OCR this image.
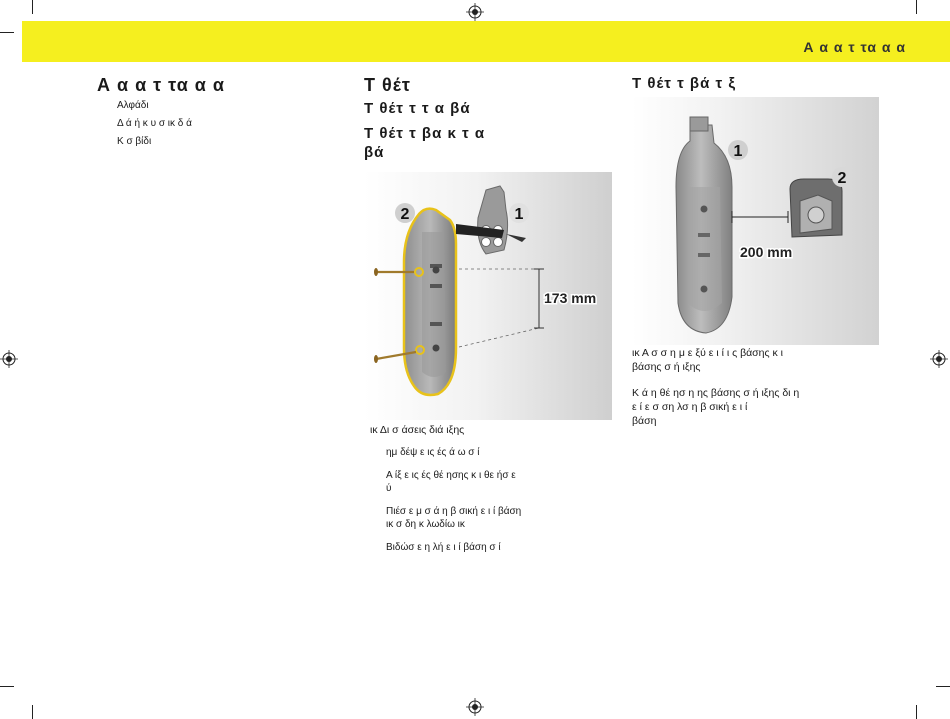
Α α α τ τα α α
Α α α τ τα α α
Αλφάδι
Δ ά ή κ υ σ ικ δ ά
Κ σ βίδι
Τ θέτ
Τ θέτ τ τ α βά
Τ θέτ τ βα κ τ α
βά
173 mm
2	1
ικ Δι σ άσεις διά ιξης

ημ δέψ ε ις ές ά ω σ ί

Α ίξ ε ις ές θέ ησης κ ι θε ήσ ε
ύ

Πιέσ ε μ σ ά η β σική ε ι ί βάση
ικ σ δη κ λωδίω ικ

Βιδώσ ε η λή ε ι ί βάση σ ί

Τ θέτ τ βά τ ξ
200 mm
1
2
ικ Α σ σ η μ ε ξύ ε ι ί ι ς βάσης κ ι
βάσης σ ή ιξης
Κ ά η θέ ησ η ης βάσης σ ή ιξης δι η
ε ί ε σ ση λσ η β σική ε ι ί
βάση
